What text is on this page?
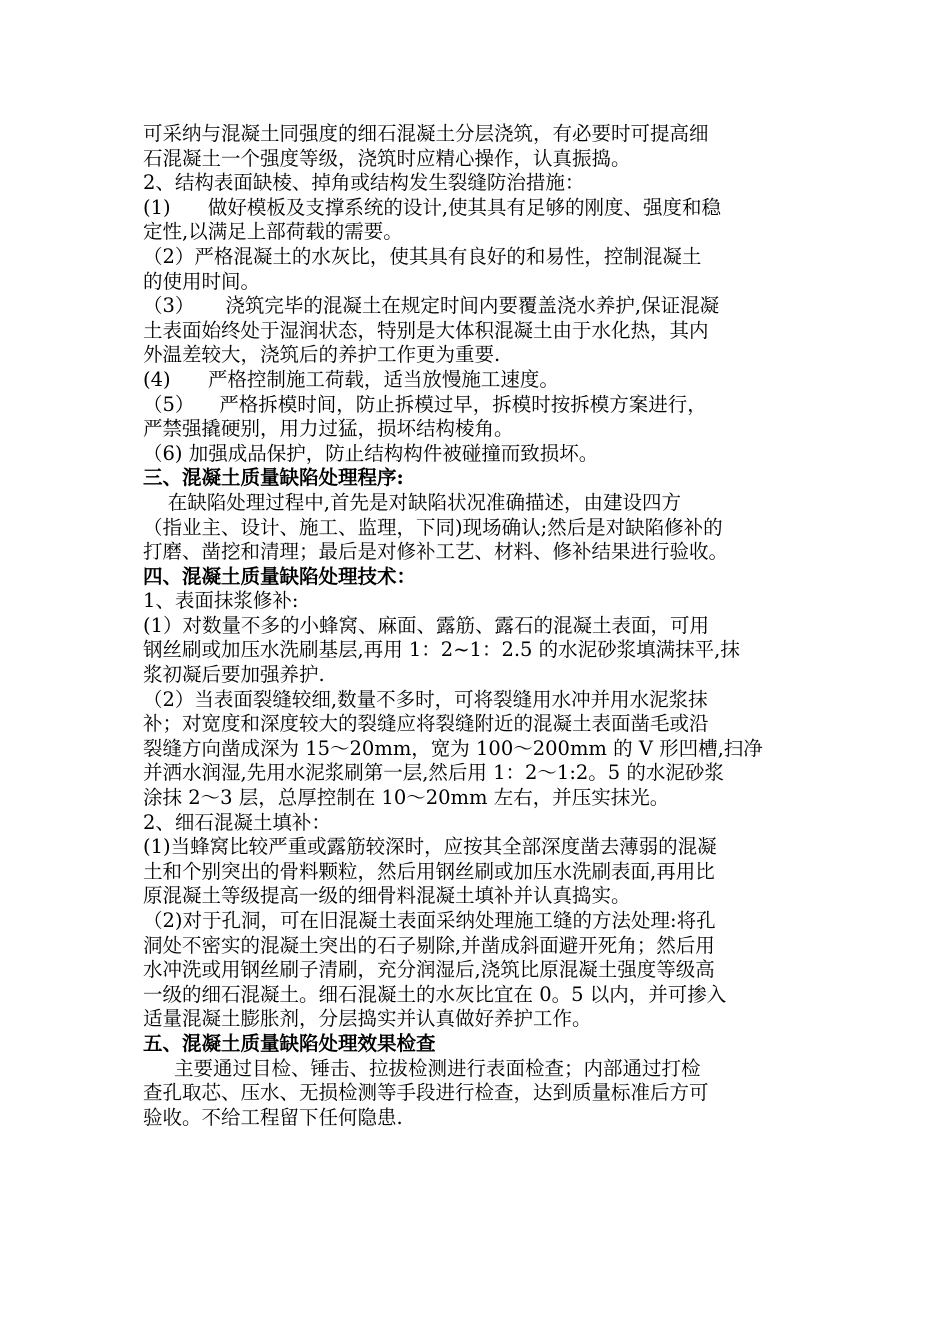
可采纳与混凝土同强度的细石混凝土分层浇筑，有必要时可提高细
石混凝土一个强度等级，浇筑时应精心操作，认真振捣。
2、结构表面缺棱、掉角或结构发生裂缝防治措施：
(1)      做好模板及支撑系统的设计,使其具有足够的刚度、强度和稳
定性,以满足上部荷载的需要。
（2）严格混凝土的水灰比，使其具有良好的和易性，控制混凝土
的使用时间。
（3）     浇筑完毕的混凝土在规定时间内要覆盖浇水养护,保证混凝
土表面始终处于湿润状态，特别是大体积混凝土由于水化热，其内
外温差较大，浇筑后的养护工作更为重要.
(4)      严格控制施工荷载，适当放慢施工速度。
（5）    严格拆模时间，防止拆模过早，拆模时按拆模方案进行，
严禁强撬硬别，用力过猛，损坏结构棱角。
（6) 加强成品保护，防止结构构件被碰撞而致损坏。
三、混凝土质量缺陷处理程序:
在缺陷处理过程中,首先是对缺陷状况准确描述，由建设四方
（指业主、设计、施工、监理，下同)现场确认;然后是对缺陷修补的
打磨、凿挖和清理；最后是对修补工艺、材料、修补结果进行验收。
四、混凝土质量缺陷处理技术：
1、表面抹浆修补:
(1）对数量不多的小蜂窝、麻面、露筋、露石的混凝土表面，可用
钢丝刷或加压水洗刷基层,再用 1：2~1：2.5 的水泥砂浆填满抹平,抹
浆初凝后要加强养护.
（2）当表面裂缝较细,数量不多时，可将裂缝用水冲并用水泥浆抹
补；对宽度和深度较大的裂缝应将裂缝附近的混凝土表面凿毛或沿
裂缝方向凿成深为 15～20mm，宽为 100～200mm 的 V 形凹槽,扫净
并洒水润湿,先用水泥浆刷第一层,然后用 1：2～1:2。5 的水泥砂浆
涂抹 2～3 层，总厚控制在 10～20mm 左右，并压实抹光。
2、细石混凝土填补：
(1)当蜂窝比较严重或露筋较深时，应按其全部深度凿去薄弱的混凝
土和个别突出的骨料颗粒，然后用钢丝刷或加压水洗刷表面,再用比
原混凝土等级提高一级的细骨料混凝土填补并认真捣实。
（2)对于孔洞，可在旧混凝土表面采纳处理施工缝的方法处理:将孔
洞处不密实的混凝土突出的石子剔除,并凿成斜面避开死角；然后用
水冲洗或用钢丝刷子清刷，充分润湿后,浇筑比原混凝土强度等级高
一级的细石混凝土。细石混凝土的水灰比宜在 0。5 以内，并可掺入
适量混凝土膨胀剂，分层捣实并认真做好养护工作。
五、混凝土质量缺陷处理效果检查
主要通过目检、锤击、拉拔检测进行表面检查；内部通过打检
查孔取芯、压水、无损检测等手段进行检查，达到质量标准后方可
验收。不给工程留下任何隐患.
